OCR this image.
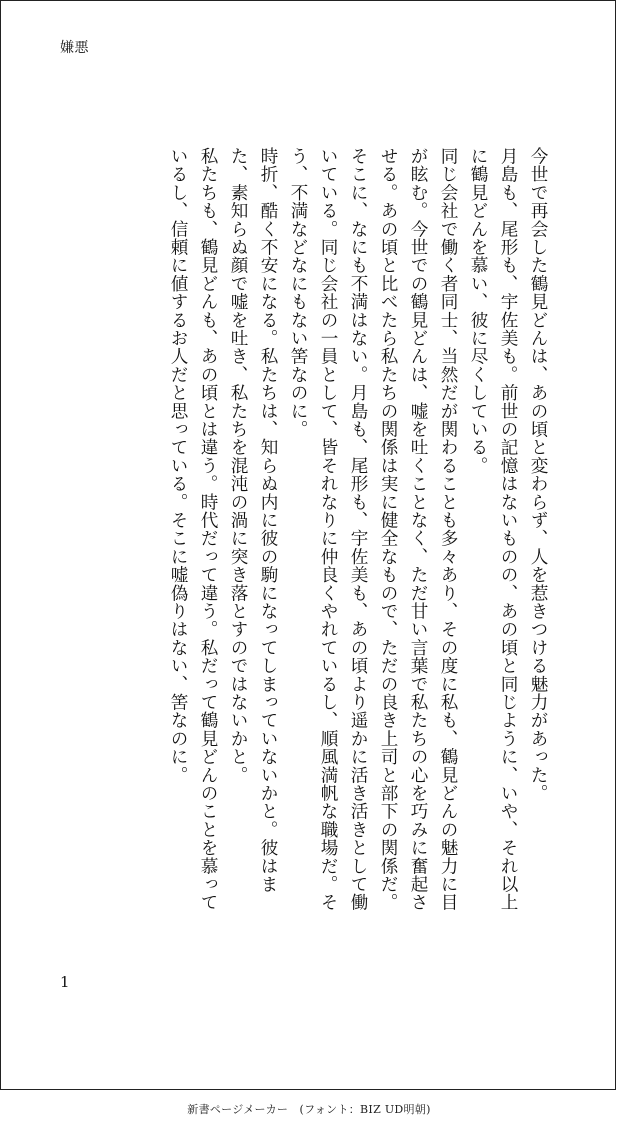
嫌悪

今世で再会した鶴見どんは、あの頃と変わらず、人を惹きつける魅力があった。

月島も、尾形も、宇佐美も。前世の記憶はないものの、あの頃と同じように、いや、それ以上に鶴見どんを慕い、彼に尽くしている。

同じ会社で働く者同士、当然だが関わることも多々あり、その度に私も、鶴見どんの魅力に目が眩む。今世での鶴見どんは、嘘を吐くことなく、ただ甘い言葉で私たちの心を巧みに奮起させる。あの頃と比べたら私たちの関係は実に健全なもので、ただの良き上司と部下の関係だ。

そこに、なにも不満はない。月島も、尾形も、宇佐美も、あの頃より遥かに活き活きとして働いている。同じ会社の一員として、皆それなりに仲良くやれているし、順風満帆な職場だ。そう、不満などなにもない筈なのに。

時折、酷く不安になる。私たちは、知らぬ内に彼の駒になってしまっていないかと。彼はまた、素知らぬ顔で嘘を吐き、私たちを混沌の渦に突き落とすのではないかと。

私たちも、鶴見どんも、あの頃とは違う。時代だって違う。私だって鶴見どんのことを慕っているし、信頼に値するお人だと思っている。そこに嘘偽りはない、筈なのに。

1
新書ページメーカー　(フォント：BIZ UD明朝)
